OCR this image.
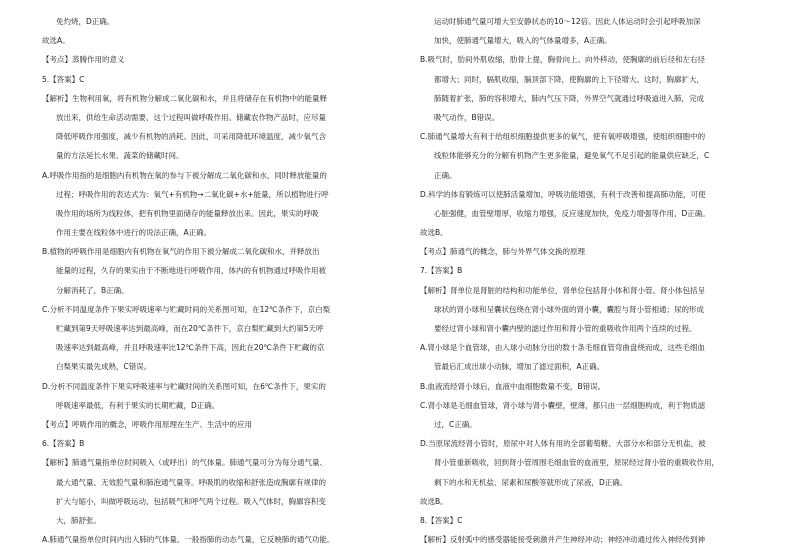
免灼烧，D正确。
故选A。
【考点】蒸腾作用的意义
5.【答案】C
【解析】生物利用氧，将有机物分解成二氧化碳和水，并且将储存在有机物中的能量释
放出来，供给生命活动需要，这个过程叫做呼吸作用。储藏农作物产品时，应尽量
降低呼吸作用强度，减少有机物的消耗。因此，可采用降低环境温度，减少氧气含
量的方法延长水果、蔬菜的储藏时间。
A.呼吸作用指的是细胞内有机物在氧的参与下被分解成二氧化碳和水，同时释放能量的
过程；呼吸作用的表达式为：氧气+有机物→二氧化碳+水+能量，所以植物进行呼
吸作用的场所为线粒体，把有机物里面储存的能量释放出来。因此，果实的呼吸
作用主要在线粒体中进行的说法正确，A正确。
B.植物的呼吸作用是细胞内有机物在氧气的作用下被分解成二氧化碳和水，并释放出
能量的过程，久存的果实由于不断地进行呼吸作用，体内的有机物通过呼吸作用被
分解消耗了，B正确。
C.分析不同温度条件下果实呼吸速率与贮藏时间的关系图可知，在12℃条件下，京白梨
贮藏到第9天呼吸速率达到最高峰，而在20℃条件下，京白梨贮藏到大约第5天呼
吸速率达到最高峰，并且呼吸速率比12℃条件下高，因此在20℃条件下贮藏的京
白梨果实最先成熟，C错误。
D.分析不同温度条件下果实呼吸速率与贮藏时间的关系图可知，在6℃条件下，果实的
呼吸速率最低，有利于果实的长期贮藏，D正确。
【考点】呼吸作用的概念，呼吸作用原理在生产、生活中的应用
6.【答案】B
【解析】肺通气量指单位时间吸入（或呼出）的气体量。肺通气量可分为每分通气量、
最大通气量、无效腔气量和肺泡通气量等。呼吸肌的收缩和舒张造成胸廓有规律的
扩大与缩小，叫做呼吸运动，包括吸气和呼气两个过程。吸入气体时，胸廓容积变
大，肺舒张。
A.肺通气量指单位时间内出入肺的气体量。一般指肺的动态气量，它反映肺的通气功能。
运动时肺通气量可增大至安静状态的10～12倍。因此人体运动时会引起呼吸加深
加快，使肺通气量增大，吸入的气体量增多，A正确。
B.吸气时，肋间外肌收缩，肋骨上提，胸骨向上、向外移动，使胸廓的前后径和左右径
都增大；同时，膈肌收缩，膈顶部下降，使胸廓的上下径增大。这时，胸廓扩大，
肺随着扩张，肺的容积增大，肺内气压下降，外界空气就通过呼吸道进入肺，完成
吸气动作，B错误。
C.肺通气量增大有利于给组织细胞提供更多的氧气，使有氧呼吸增强，使组织细胞中的
线粒体能够充分的分解有机物产生更多能量，避免氧气不足引起的能量供应缺乏，C
正确。
D.科学的体育锻炼可以使肺活量增加，呼吸功能增强，有利于改善和提高肺功能，可使
心脏强健，血管壁增厚，收缩力增强，反应速度加快，免疫力增强等作用，D正确。
故选B。
【考点】肺通气的概念，肺与外界气体交换的原理
7.【答案】B
【解析】肾单位是肾脏的结构和功能单位，肾单位包括肾小体和肾小管。肾小体包括呈
球状的肾小球和呈囊状包绕在肾小球外面的肾小囊，囊腔与肾小管相通；尿的形成
要经过肾小球和肾小囊内壁的滤过作用和肾小管的重吸收作用两个连续的过程。
A.肾小球是个血管球，由入球小动脉分出的数十条毛细血管弯曲盘绕而成，这些毛细血
管最后汇成出球小动脉，增加了滤过面积，A正确。
B.血液流经肾小球后，血液中血细胞数量不变，B错误。
C.肾小球是毛细血管球，肾小球与肾小囊壁，壁薄，都只由一层细胞构成，利于物质滤
过，C正确。
D.当原尿流经肾小管时，原尿中对人体有用的全部葡萄糖、大部分水和部分无机盐，被
肾小管重新吸收，回到肾小管周围毛细血管的血液里，原尿经过肾小管的重吸收作用，
剩下的水和无机盐、尿素和尿酸等就形成了尿液，D正确。
故选B。
8.【答案】C
【解析】反射弧中的感受器能接受刺激并产生神经冲动；神经冲动通过传入神经传到神
